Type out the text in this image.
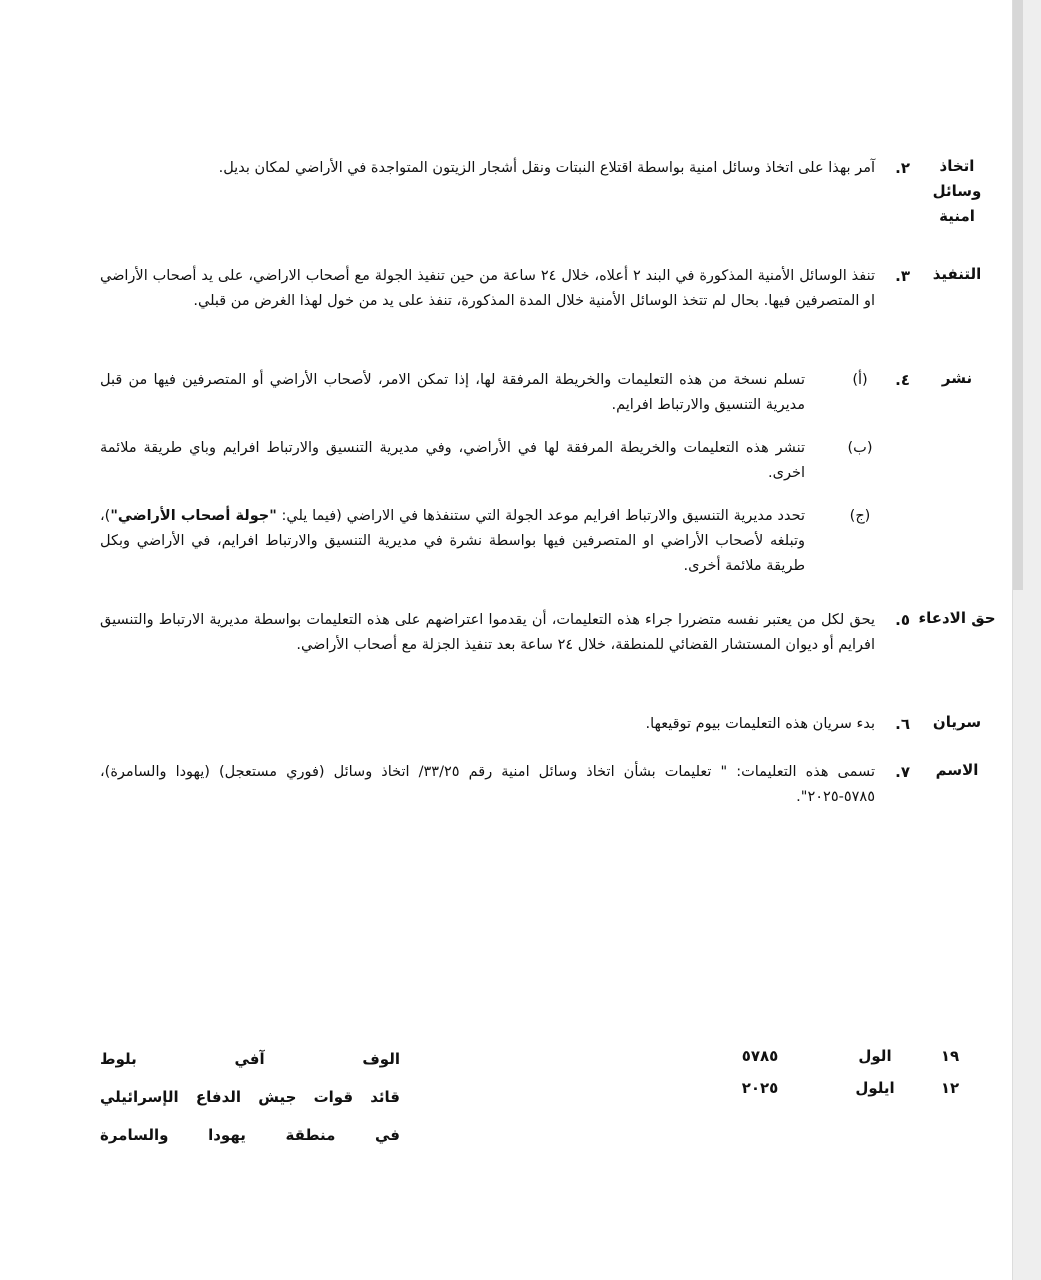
اتخاذ وسائل امنية
٢.
آمر بهذا على اتخاذ وسائل امنية بواسطة اقتلاع النبتات ونقل أشجار الزيتون المتواجدة في الأراضي لمكان بديل.
التنفيذ
٣.
تنفذ الوسائل الأمنية المذكورة في البند ٢ أعلاه، خلال ٢٤ ساعة من حين تنفيذ الجولة مع أصحاب الاراضي، على يد أصحاب الأراضي او المتصرفين فيها. بحال لم تتخذ الوسائل الأمنية خلال المدة المذكورة، تنفذ على يد من خول لهذا الغرض من قبلي.
نشر
٤.
(أ)
تسلم نسخة من هذه التعليمات والخريطة المرفقة لها، إذا تمكن الامر، لأصحاب الأراضي أو المتصرفين فيها من قبل مديرية التنسيق والارتباط افرايم.
(ب)
تنشر هذه التعليمات والخريطة المرفقة لها في الأراضي، وفي مديرية التنسيق والارتباط افرايم وباي طريقة ملائمة اخرى.
(ج)
تحدد مديرية التنسيق والارتباط افرايم موعد الجولة التي ستنفذها في الاراضي (فيما يلي: "جولة أصحاب الأراضي")، وتبلغه لأصحاب الأراضي او المتصرفين فيها بواسطة نشرة في مديرية التنسيق والارتباط افرايم، في الأراضي وبكل طريقة ملائمة أخرى.
حق الادعاء
٥.
يحق لكل من يعتبر نفسه متضررا جراء هذه التعليمات، أن يقدموا اعتراضهم على هذه التعليمات بواسطة مديرية الارتباط والتنسيق افرايم أو ديوان المستشار القضائي للمنطقة، خلال ٢٤ ساعة بعد تنفيذ الجزلة مع أصحاب الأراضي.
سريان
٦.
بدء سريان هذه التعليمات بيوم توقيعها.
الاسم
٧.
تسمى هذه التعليمات: " تعليمات بشأن اتخاذ وسائل امنية رقم ٣٣/٢٥/ اتخاذ وسائل (فوري مستعجل) (يهودا والسامرة)، ٥٧٨٥-٢٠٢٥".
١٩
الول
٥٧٨٥
١٢
ايلول
٢٠٢٥
الوف آفي بلوط
قائد قوات جيش الدفاع الإسرائيلي
في منطقة يهودا والسامرة
